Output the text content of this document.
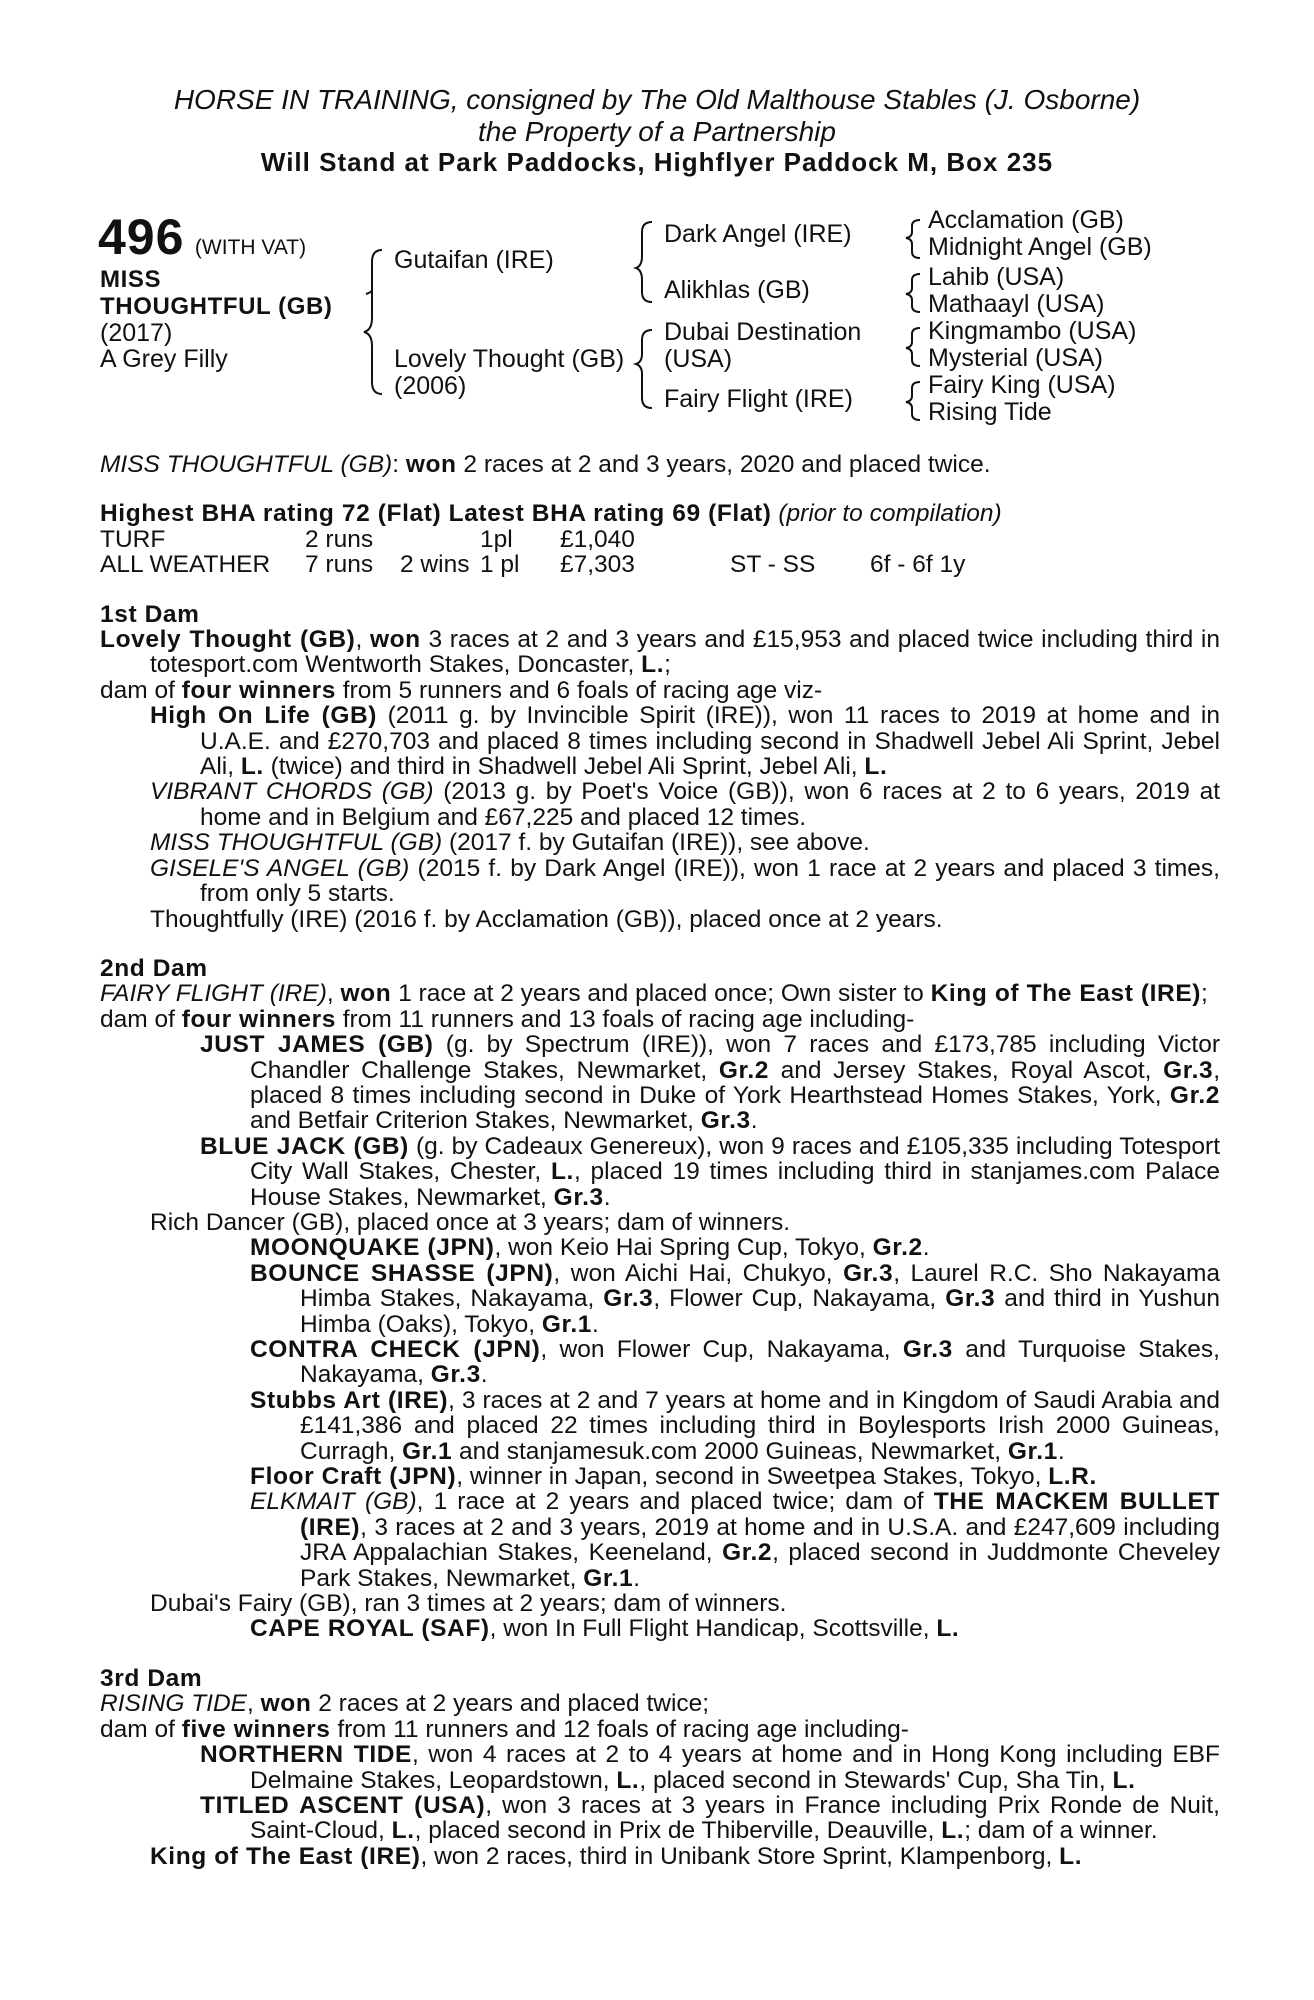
HORSE IN TRAINING, consigned by The Old Malthouse Stables (J. Osborne)
the Property of a Partnership
Will Stand at Park Paddocks, Highflyer Paddock M, Box 235
496 (WITH VAT)
MISS
THOUGHTFUL (GB)
(2017)
A Grey Filly
Gutaifan (IRE)
Lovely Thought (GB)
(2006)
Dark Angel (IRE)
Alikhlas (GB)
Dubai Destination
(USA)
Fairy Flight (IRE)
Acclamation (GB)
Midnight Angel (GB)
Lahib (USA)
Mathaayl (USA)
Kingmambo (USA)
Mysterial (USA)
Fairy King (USA)
Rising Tide
MISS THOUGHTFUL (GB): won 2 races at 2 and 3 years, 2020 and placed twice.
Highest BHA rating 72 (Flat) Latest BHA rating 69 (Flat) (prior to compilation)
TURF	2 runs	1pl	£1,040
ALL WEATHER	7 runs	2 wins 1 pl	£7,303	ST - SS	6f - 6f 1y
1st Dam
Lovely Thought (GB), won 3 races at 2 and 3 years and £15,953 and placed twice including third in totesport.com Wentworth Stakes, Doncaster, L.;
dam of four winners from 5 runners and 6 foals of racing age viz-
High On Life (GB) (2011 g. by Invincible Spirit (IRE)), won 11 races to 2019 at home and in U.A.E. and £270,703 and placed 8 times including second in Shadwell Jebel Ali Sprint, Jebel Ali, L. (twice) and third in Shadwell Jebel Ali Sprint, Jebel Ali, L.
VIBRANT CHORDS (GB) (2013 g. by Poet's Voice (GB)), won 6 races at 2 to 6 years, 2019 at home and in Belgium and £67,225 and placed 12 times.
MISS THOUGHTFUL (GB) (2017 f. by Gutaifan (IRE)), see above.
GISELE'S ANGEL (GB) (2015 f. by Dark Angel (IRE)), won 1 race at 2 years and placed 3 times, from only 5 starts.
Thoughtfully (IRE) (2016 f. by Acclamation (GB)), placed once at 2 years.
2nd Dam
FAIRY FLIGHT (IRE), won 1 race at 2 years and placed once; Own sister to King of The East (IRE);
dam of four winners from 11 runners and 13 foals of racing age including-
JUST JAMES (GB) (g. by Spectrum (IRE)), won 7 races and £173,785 including Victor Chandler Challenge Stakes, Newmarket, Gr.2 and Jersey Stakes, Royal Ascot, Gr.3, placed 8 times including second in Duke of York Hearthstead Homes Stakes, York, Gr.2 and Betfair Criterion Stakes, Newmarket, Gr.3.
BLUE JACK (GB) (g. by Cadeaux Genereux), won 9 races and £105,335 including Totesport City Wall Stakes, Chester, L., placed 19 times including third in stanjames.com Palace House Stakes, Newmarket, Gr.3.
Rich Dancer (GB), placed once at 3 years; dam of winners.
MOONQUAKE (JPN), won Keio Hai Spring Cup, Tokyo, Gr.2.
BOUNCE SHASSE (JPN), won Aichi Hai, Chukyo, Gr.3, Laurel R.C. Sho Nakayama Himba Stakes, Nakayama, Gr.3, Flower Cup, Nakayama, Gr.3 and third in Yushun Himba (Oaks), Tokyo, Gr.1.
CONTRA CHECK (JPN), won Flower Cup, Nakayama, Gr.3 and Turquoise Stakes, Nakayama, Gr.3.
Stubbs Art (IRE), 3 races at 2 and 7 years at home and in Kingdom of Saudi Arabia and £141,386 and placed 22 times including third in Boylesports Irish 2000 Guineas, Curragh, Gr.1 and stanjamesuk.com 2000 Guineas, Newmarket, Gr.1.
Floor Craft (JPN), winner in Japan, second in Sweetpea Stakes, Tokyo, L.R.
ELKMAIT (GB), 1 race at 2 years and placed twice; dam of THE MACKEM BULLET (IRE), 3 races at 2 and 3 years, 2019 at home and in U.S.A. and £247,609 including JRA Appalachian Stakes, Keeneland, Gr.2, placed second in Juddmonte Cheveley Park Stakes, Newmarket, Gr.1.
Dubai's Fairy (GB), ran 3 times at 2 years; dam of winners.
CAPE ROYAL (SAF), won In Full Flight Handicap, Scottsville, L.
3rd Dam
RISING TIDE, won 2 races at 2 years and placed twice;
dam of five winners from 11 runners and 12 foals of racing age including-
NORTHERN TIDE, won 4 races at 2 to 4 years at home and in Hong Kong including EBF Delmaine Stakes, Leopardstown, L., placed second in Stewards' Cup, Sha Tin, L.
TITLED ASCENT (USA), won 3 races at 3 years in France including Prix Ronde de Nuit, Saint-Cloud, L., placed second in Prix de Thiberville, Deauville, L.; dam of a winner.
King of The East (IRE), won 2 races, third in Unibank Store Sprint, Klampenborg, L.
